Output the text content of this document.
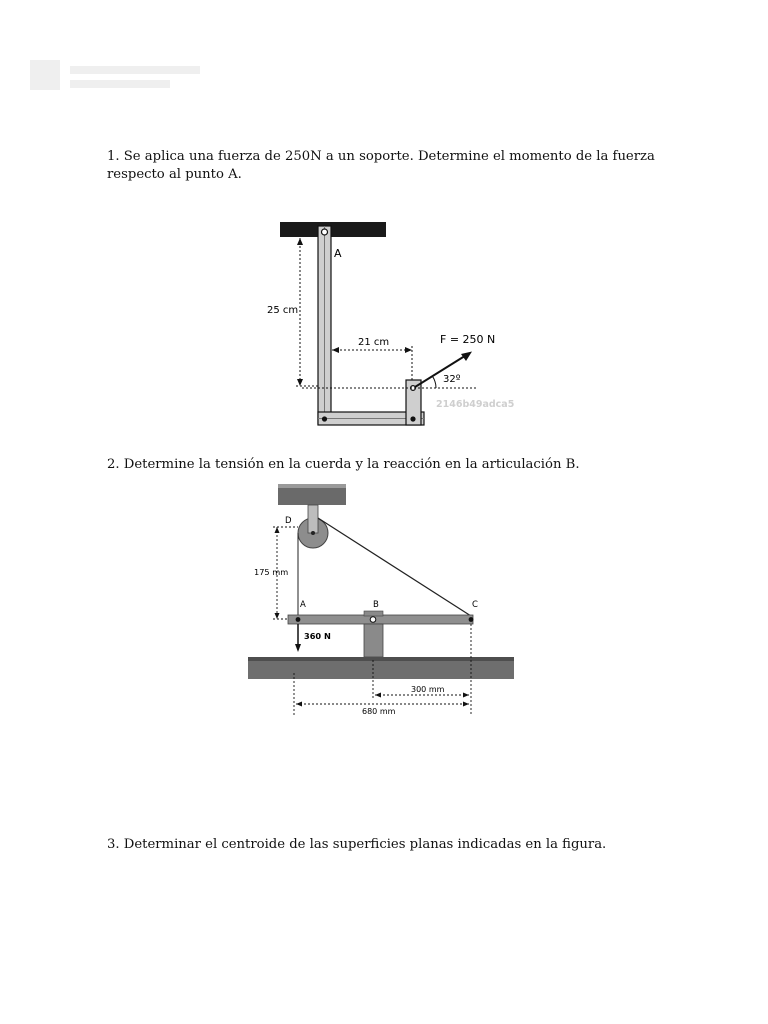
1. Se aplica una fuerza de 250N a un soporte. Determine el momento de la fuerza respecto al punto A.

25 cm
21 cm
A
F = 250 N
32º
2146b49adca5

2. Determine la tensión en la cuerda y la reacción en la articulación B.

175 mm
D
A	B	C
360 N
300 mm
680 mm

3. Determinar el centroide de las superficies planas indicadas en la figura.
